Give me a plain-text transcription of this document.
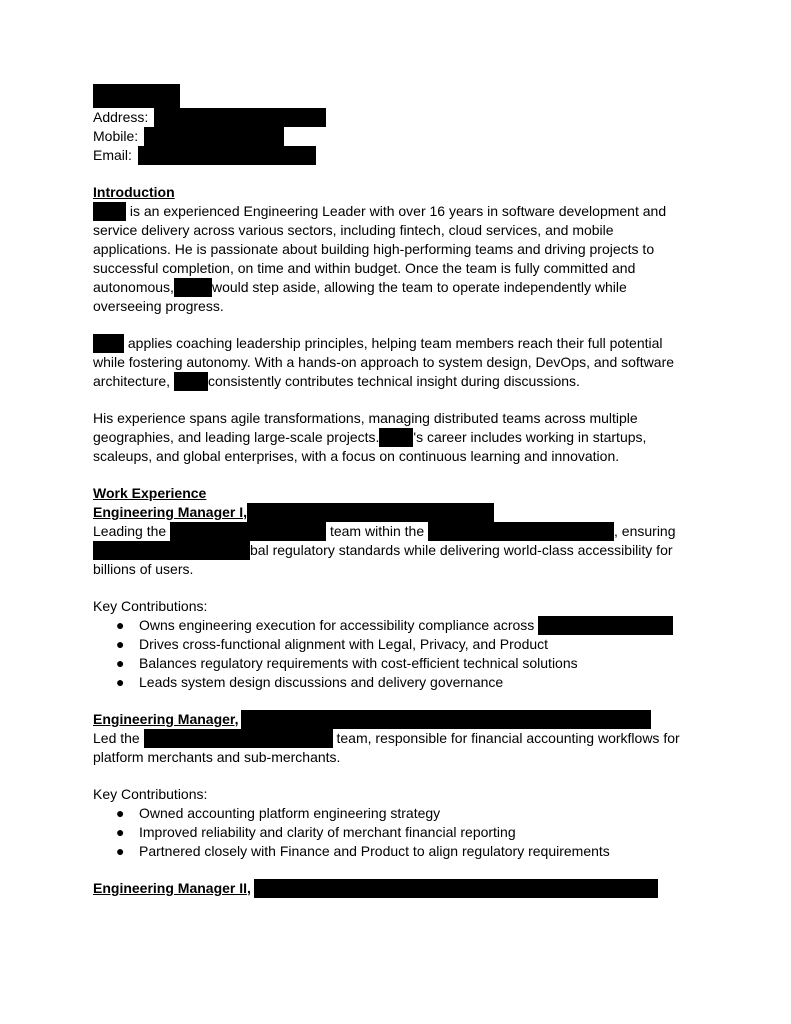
Address:
Mobile:
Email:
Introduction
is an experienced Engineering Leader with over 16 years in software development and
service delivery across various sectors, including fintech, cloud services, and mobile
applications. He is passionate about building high-performing teams and driving projects to
successful completion, on time and within budget. Once the team is fully committed and
autonomous,	would step aside, allowing the team to operate independently while
overseeing progress.
applies coaching leadership principles, helping team members reach their full potential
while fostering autonomy. With a hands-on approach to system design, DevOps, and software
architecture, consistently contributes technical insight during discussions.
His experience spans agile transformations, managing distributed teams across multiple
geographies, and leading large-scale projects. 's career includes working in startups,
scaleups, and global enterprises, with a focus on continuous learning and innovation.
Work Experience
Engineering Manager I,
Leading the	team within the	, ensuring
bal regulatory standards while delivering world-class accessibility for
billions of users.
Key Contributions:
● Owns engineering execution for accessibility compliance across
● Drives cross-functional alignment with Legal, Privacy, and Product
● Balances regulatory requirements with cost-efficient technical solutions
● Leads system design discussions and delivery governance
Engineering Manager,
Led the	team, responsible for financial accounting workflows for
platform merchants and sub-merchants.
Key Contributions:
● Owned accounting platform engineering strategy
● Improved reliability and clarity of merchant financial reporting
● Partnered closely with Finance and Product to align regulatory requirements
Engineering Manager II,
